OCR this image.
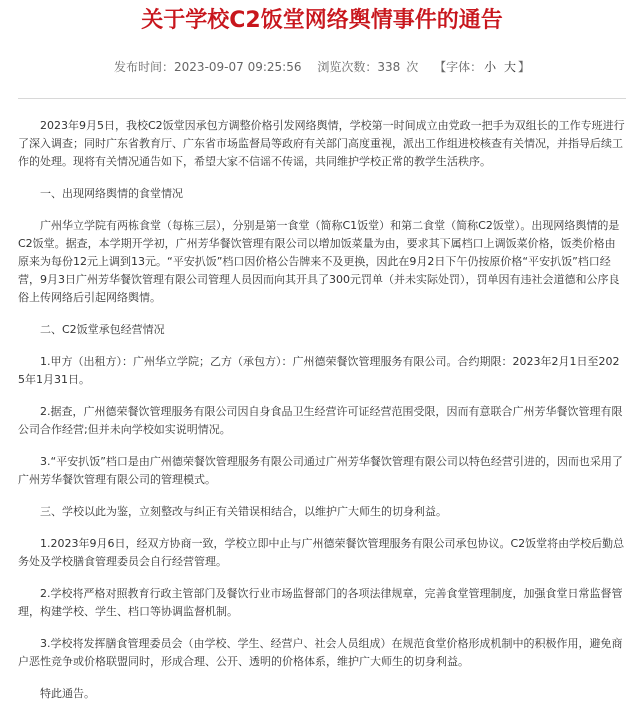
关于学校C2饭堂网络舆情事件的通告
发布时间：2023-09-07 09:25:56 浏览次数：338 次 【字体： 小 大 】

2023年9月5日，我校C2饭堂因承包方调整价格引发网络舆情，学校第一时间成立由党政一把手为双组长的工作专班进行了深入调查；同时广东省教育厅、广东省市场监督局等政府有关部门高度重视，派出工作组进校核查有关情况，并指导后续工作的处理。现将有关情况通告如下，希望大家不信谣不传谣，共同维护学校正常的教学生活秩序。

一、出现网络舆情的食堂情况

广州华立学院有两栋食堂（每栋三层），分别是第一食堂（简称C1饭堂）和第二食堂（简称C2饭堂）。出现网络舆情的是C2饭堂。据查，本学期开学初，广州芳华餐饮管理有限公司以增加饭菜量为由，要求其下属档口上调饭菜价格，饭类价格由原来为每份12元上调到13元。“平安扒饭”档口因价格公告牌来不及更换，因此在9月2日下午仍按原价格“平安扒饭”档口经营，9月3日广州芳华餐饮管理有限公司管理人员因而向其开具了300元罚单（并未实际处罚），罚单因有违社会道德和公序良俗上传网络后引起网络舆情。

二、C2饭堂承包经营情况

1.甲方（出租方）：广州华立学院；乙方（承包方）：广州德荣餐饮管理服务有限公司。合约期限：2023年2月1日至2025年1月31日。

2.据查，广州德荣餐饮管理服务有限公司因自身食品卫生经营许可证经营范围受限，因而有意联合广州芳华餐饮管理有限公司合作经营;但并未向学校如实说明情况。

3.“平安扒饭”档口是由广州德荣餐饮管理服务有限公司通过广州芳华餐饮管理有限公司以特色经营引进的，因而也采用了广州芳华餐饮管理有限公司的管理模式。

三、学校以此为鉴，立刻整改与纠正有关错误相结合，以维护广大师生的切身利益。

1.2023年9月6日，经双方协商一致，学校立即中止与广州德荣餐饮管理服务有限公司承包协议。C2饭堂将由学校后勤总务处及学校膳食管理委员会自行经营管理。

2.学校将严格对照教育行政主管部门及餐饮行业市场监督部门的各项法律规章，完善食堂管理制度，加强食堂日常监督管理，构建学校、学生、档口等协调监督机制。

3.学校将发挥膳食管理委员会（由学校、学生、经营户、社会人员组成）在规范食堂价格形成机制中的积极作用，避免商户恶性竞争或价格联盟同时，形成合理、公开、透明的价格体系，维护广大师生的切身利益。

特此通告。
